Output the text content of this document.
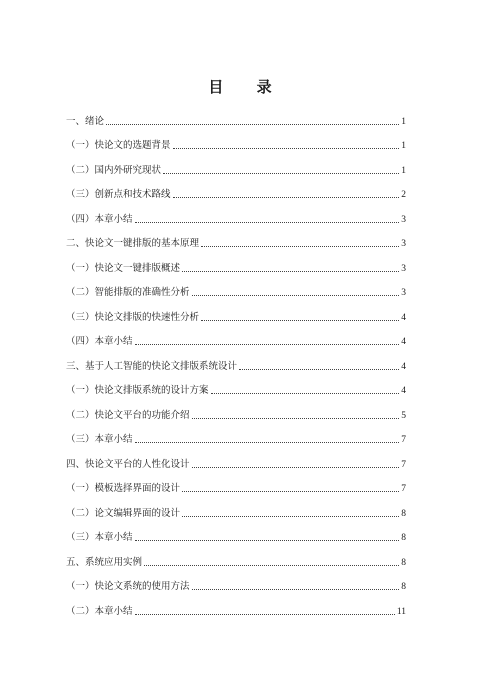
目 录
一、绪论	1
（一）快论文的选题背景	1
（二）国内外研究现状	1
（三）创新点和技术路线	2
（四）本章小结	3
二、快论文一键排版的基本原理	3
（一）快论文一键排版概述	3
（二）智能排版的准确性分析	3
（三）快论文排版的快速性分析	4
（四）本章小结	4
三、基于人工智能的快论文排版系统设计	4
（一）快论文排版系统的设计方案	4
（二）快论文平台的功能介绍	5
（三）本章小结	7
四、快论文平台的人性化设计	7
（一）模板选择界面的设计	7
（二）论文编辑界面的设计	8
（三）本章小结	8
五、系统应用实例	8
（一）快论文系统的使用方法	8
（二）本章小结	11
